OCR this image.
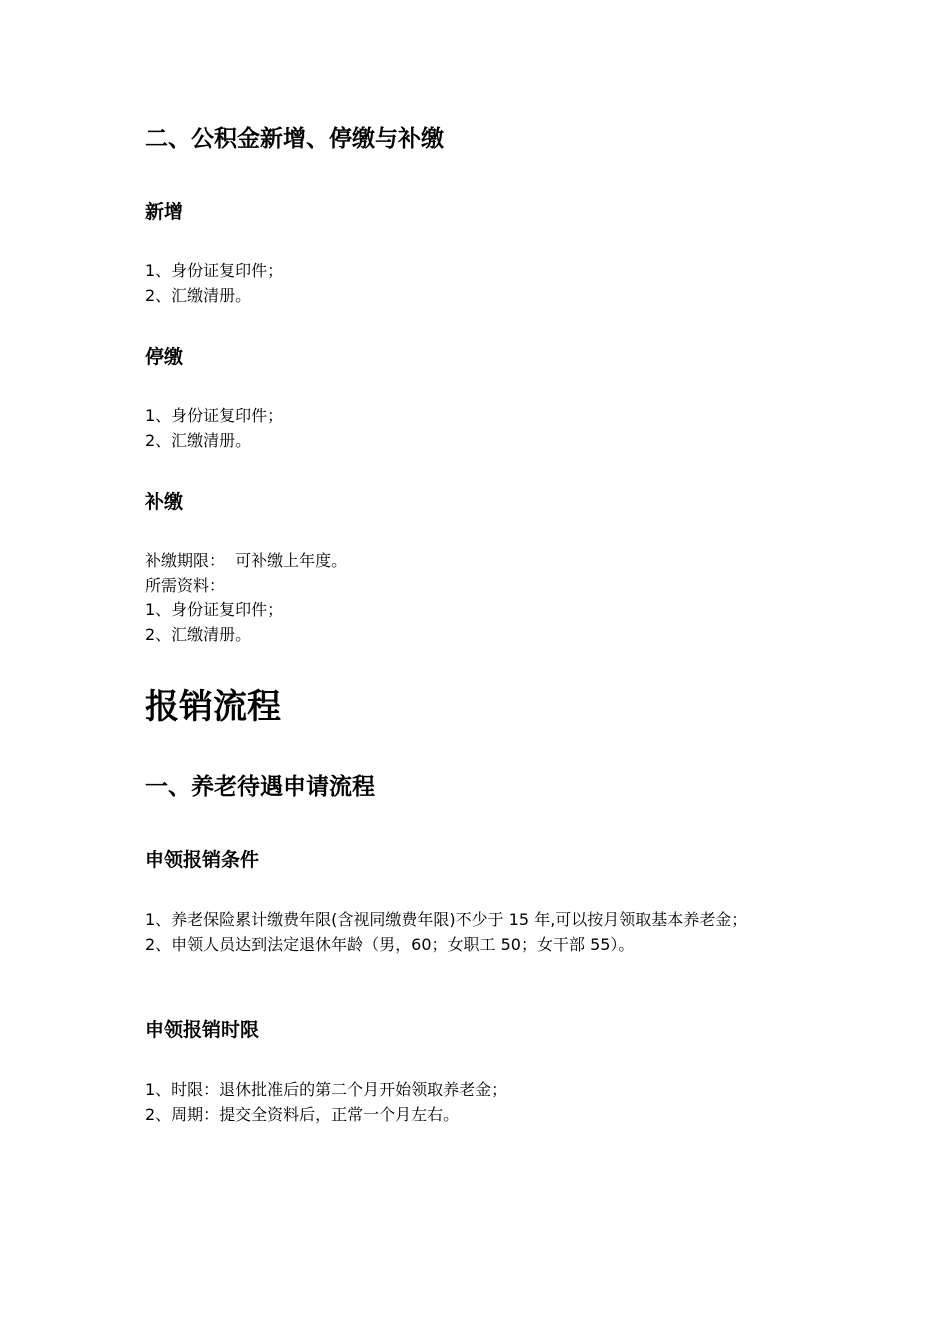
二、公积金新增、停缴与补缴
新增
1、身份证复印件；
2、汇缴清册。
停缴
1、身份证复印件；
2、汇缴清册。
补缴
补缴期限：  可补缴上年度。
所需资料：
1、身份证复印件；
2、汇缴清册。
报销流程
一、养老待遇申请流程
申领报销条件
1、养老保险累计缴费年限(含视同缴费年限)不少于 15 年,可以按月领取基本养老金；
2、申领人员达到法定退休年龄（男，60；女职工 50；女干部 55）。
申领报销时限
1、时限：退休批准后的第二个月开始领取养老金；
2、周期：提交全资料后，正常一个月左右。
